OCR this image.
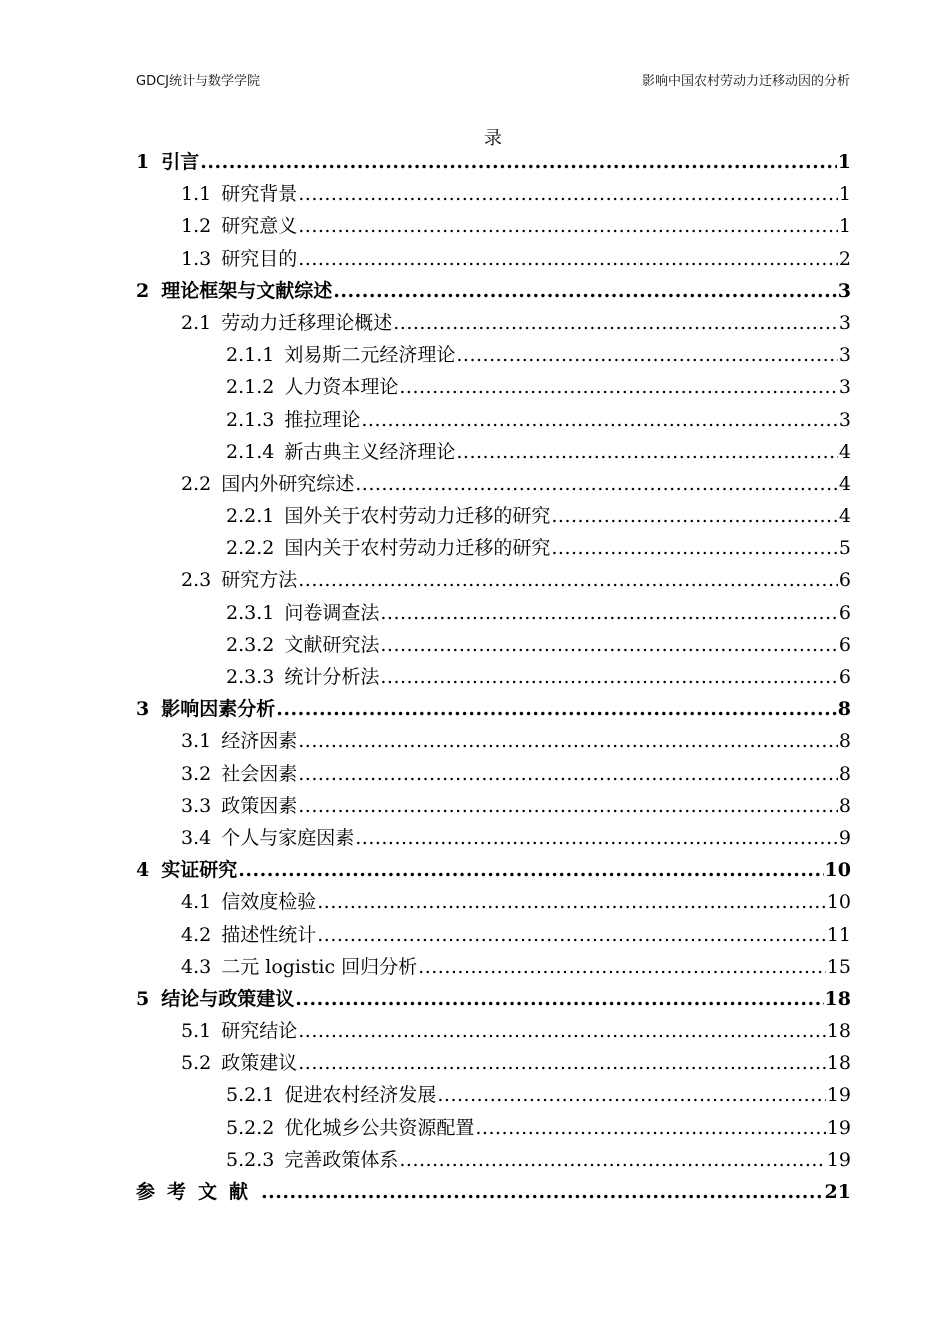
GDCJ统计与数学学院	影响中国农村劳动力迁移动因的分析
录
1 引言 .....	1
1.1 研究背景 .....	1
1.2 研究意义 .....	1
1.3 研究目的 .....	2
2 理论框架与文献综述 .....	3
2.1 劳动力迁移理论概述 .....	3
2.1.1 刘易斯二元经济理论 .....	3
2.1.2 人力资本理论 .....	3
2.1.3 推拉理论 .....	3
2.1.4 新古典主义经济理论 .....	4
2.2 国内外研究综述 .....	4
2.2.1 国外关于农村劳动力迁移的研究 .....	4
2.2.2 国内关于农村劳动力迁移的研究 .....	5
2.3 研究方法 .....	6
2.3.1 问卷调查法 .....	6
2.3.2 文献研究法 .....	6
2.3.3 统计分析法 .....	6
3 影响因素分析 .....	8
3.1 经济因素 .....	8
3.2 社会因素 .....	8
3.3 政策因素 .....	8
3.4 个人与家庭因素 .....	9
4 实证研究 .....	10
4.1 信效度检验 .....	10
4.2 描述性统计 .....	11
4.3 二元 logistic 回归分析 .....	15
5 结论与政策建议 .....	18
5.1 研究结论 .....	18
5.2 政策建议 .....	18
5.2.1 促进农村经济发展 .....	19
5.2.2 优化城乡公共资源配置 .....	19
5.2.3 完善政策体系 .....	19
参考文献 .....	21
